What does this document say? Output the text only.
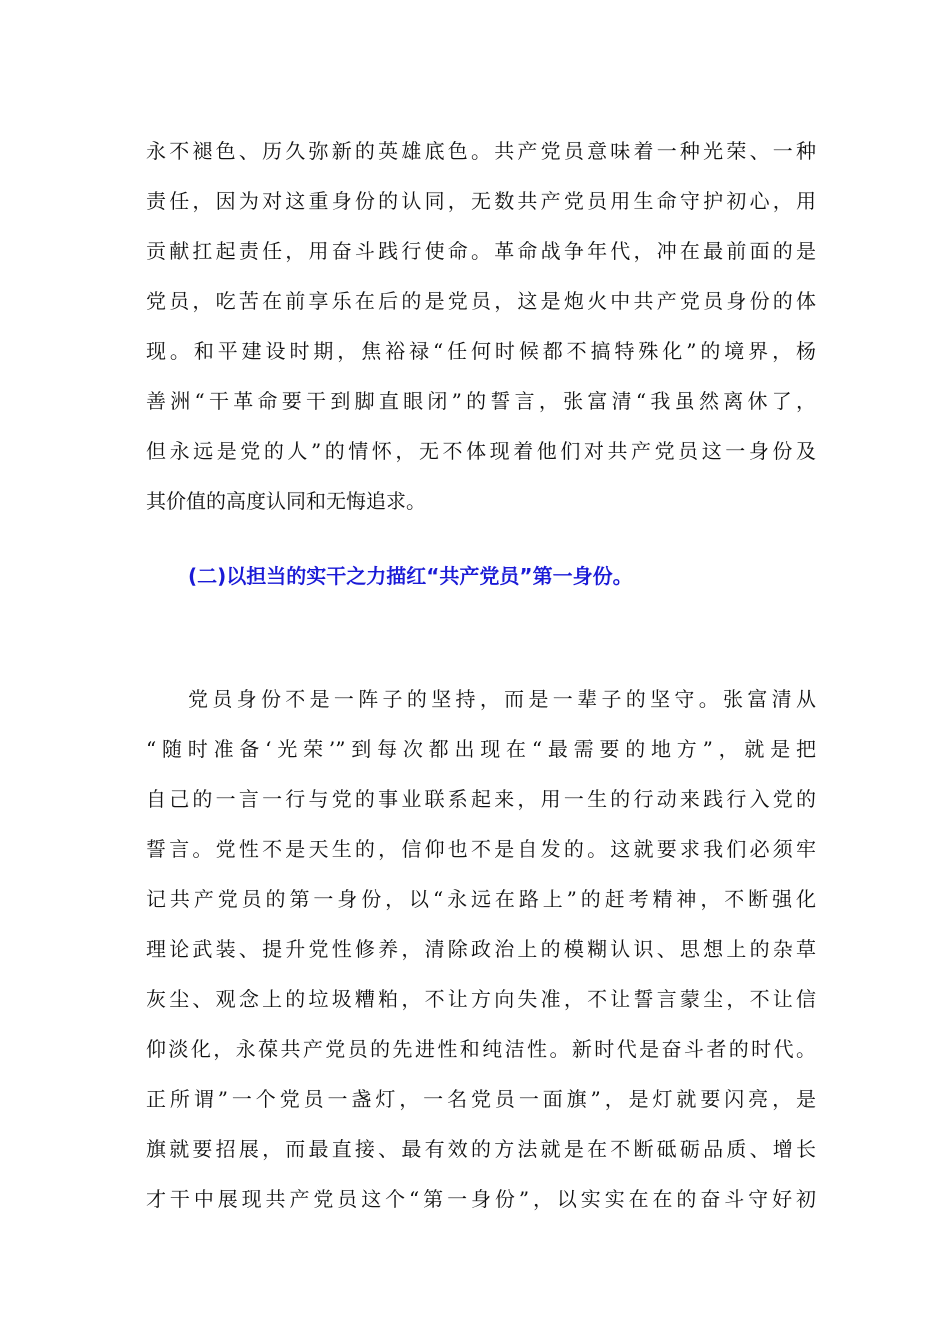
永不褪色、历久弥新的英雄底色。共产党员意味着一种光荣、一种
责任，因为对这重身份的认同，无数共产党员用生命守护初心，用
贡献扛起责任，用奋斗践行使命。革命战争年代，冲在最前面的是
党员，吃苦在前享乐在后的是党员，这是炮火中共产党员身份的体
现。和平建设时期，焦裕禄“任何时候都不搞特殊化”的境界，杨
善洲“干革命要干到脚直眼闭”的誓言，张富清“我虽然离休了，
但永远是党的人”的情怀，无不体现着他们对共产党员这一身份及
其价值的高度认同和无悔追求。
(二)以担当的实干之力描红“共产党员”第一身份。
党员身份不是一阵子的坚持，而是一辈子的坚守。张富清从
“随时准备‘光荣’”到每次都出现在“最需要的地方”，就是把
自己的一言一行与党的事业联系起来，用一生的行动来践行入党的
誓言。党性不是天生的，信仰也不是自发的。这就要求我们必须牢
记共产党员的第一身份，以“永远在路上”的赶考精神，不断强化
理论武装、提升党性修养，清除政治上的模糊认识、思想上的杂草
灰尘、观念上的垃圾糟粕，不让方向失准，不让誓言蒙尘，不让信
仰淡化，永葆共产党员的先进性和纯洁性。新时代是奋斗者的时代。
正所谓”一个党员一盏灯，一名党员一面旗”，是灯就要闪亮，是
旗就要招展，而最直接、最有效的方法就是在不断砥砺品质、增长
才干中展现共产党员这个“第一身份”，以实实在在的奋斗守好初
